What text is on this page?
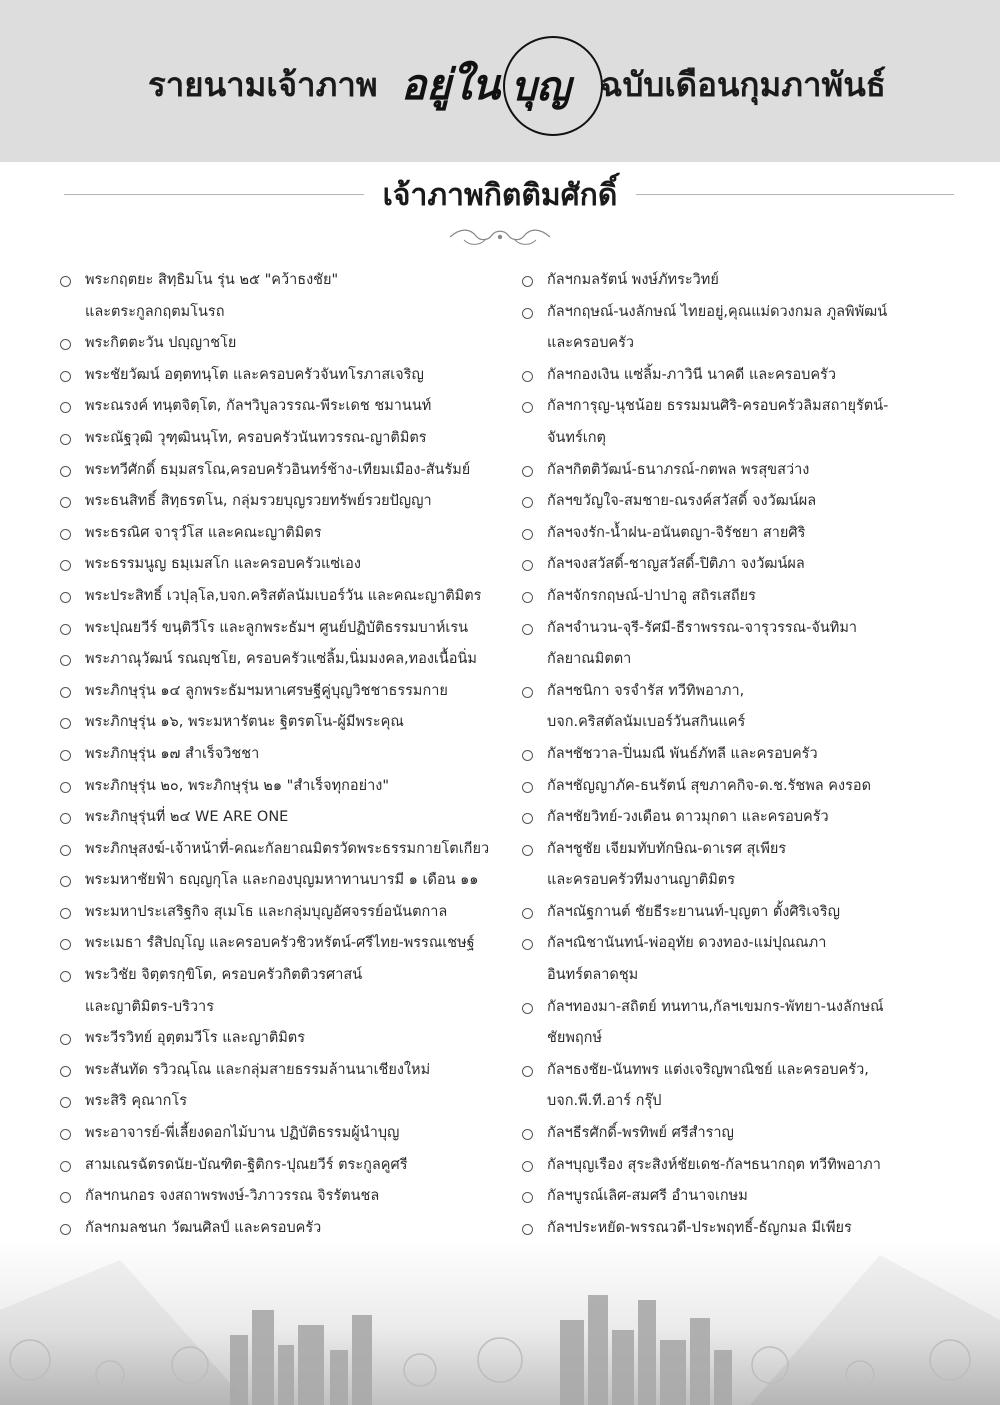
รายนามเจ้าภาพ อยู่ใน บุญ ฉบับเดือนกุมภาพันธ์
เจ้าภาพกิตติมศักดิ์
พระกฤตยะ สิทฺธิมโน รุ่น ๒๕ "คว้าธงชัย"
และตระกูลกฤตมโนรถ
พระกิตตะวัน ปญฺญาชโย
พระชัยวัฒน์ อตฺตทนฺโต และครอบครัวจันทโรภาสเจริญ
พระณรงค์ ทนฺตจิตฺโต, กัลฯวิบูลวรรณ-พีระเดช ชมานนท์
พระณัฐวุฒิ วุฑฺฒินนฺโท, ครอบครัวนันทวรรณ-ญาติมิตร
พระทวีศักดิ์ ธมฺมสรโณ,ครอบครัวอินทร์ช้าง-เทียมเมือง-สันรัมย์
พระธนสิทธิ์ สิทฺธรตโน, กลุ่มรวยบุญรวยทรัพย์รวยปัญญา
พระธรณิศ จารุวํโส และคณะญาติมิตร
พระธรรมนูญ ธมฺเมสโก และครอบครัวแซ่เอง
พระประสิทธิ์ เวปุลฺโล,บจก.คริสตัลนัมเบอร์วัน และคณะญาติมิตร
พระปุณยวีร์ ขนฺติวีโร และลูกพระธัมฯ ศูนย์ปฏิบัติธรรมบาห์เรน
พระภาณุวัฒน์ รณญฺชโย, ครอบครัวแซ่ลิ้ม,นิ่มมงคล,ทองเนื้อนิ่ม
พระภิกษุรุ่น ๑๔ ลูกพระธัมฯมหาเศรษฐีคู่บุญวิชชาธรรมกาย
พระภิกษุรุ่น ๑๖, พระมหารัตนะ ฐิตรตโน-ผู้มีพระคุณ
พระภิกษุรุ่น ๑๗ สำเร็จวิชชา
พระภิกษุรุ่น ๒๐, พระภิกษุรุ่น ๒๑ "สำเร็จทุกอย่าง"
พระภิกษุรุ่นที่ ๒๔ WE ARE ONE
พระภิกษุสงฆ์-เจ้าหน้าที่-คณะกัลยาณมิตรวัดพระธรรมกายโตเกียว
พระมหาชัยฟ้า ธญฺญกุโล และกองบุญมหาทานบารมี ๑ เดือน ๑๑
พระมหาประเสริฐกิจ สุเมโธ และกลุ่มบุญอัศจรรย์อนันตกาล
พระเมธา รํสิปญฺโญ และครอบครัวชิวหรัตน์-ศรีไทย-พรรณเชษฐ์
พระวิชัย จิตฺตรกฺขิโต, ครอบครัวกิตติวรศาสน์
และญาติมิตร-บริวาร
พระวีรวิทย์ อุตฺตมวีโร และญาติมิตร
พระสันทัด รวิวณฺโณ และกลุ่มสายธรรมล้านนาเชียงใหม่
พระสิริ คุณากโร
พระอาจารย์-พี่เลี้ยงดอกไม้บาน ปฏิบัติธรรมผู้นำบุญ
สามเณรฉัตรดนัย-บัณฑิต-ฐิติกร-ปุณยวีร์ ตระกูลคูศรี
กัลฯกนกอร จงสถาพรพงษ์-วิภาวรรณ จิรรัตนชล
กัลฯกมลชนก วัฒนศิลป์ และครอบครัว
กัลฯกมลรัตน์ พงษ์ภัทระวิทย์
กัลฯกฤษณ์-นงลักษณ์ ไทยอยู่,คุณแม่ดวงกมล ภูลพิพัฒน์
และครอบครัว
กัลฯกองเงิน แซ่ลิ้ม-ภาวินี นาคดี และครอบครัว
กัลฯการุญ-นุชน้อย ธรรมมนศิริ-ครอบครัวลิมสถายุรัตน์-
จันทร์เกตุ
กัลฯกิตติวัฒน์-ธนาภรณ์-กตพล พรสุขสว่าง
กัลฯขวัญใจ-สมชาย-ณรงค์สวัสดิ์ จงวัฒน์ผล
กัลฯจงรัก-น้ำฝน-อนันตญา-จิรัชยา สายศิริ
กัลฯจงสวัสดิ์-ชาญสวัสดิ์-ปิติภา จงวัฒน์ผล
กัลฯจักรกฤษณ์-ปาปาอู สถิรเสถียร
กัลฯจำนวน-จุรี-รัศมี-ธีราพรรณ-จารุวรรณ-จันทิมา
กัลยาณมิตตา
กัลฯชนิกา จรจำรัส ทวีทิพอาภา,
บจก.คริสตัลนัมเบอร์วันสกินแคร์
กัลฯชัชวาล-ปิ่นมณี พันธ์ภัทลี และครอบครัว
กัลฯชัญญาภัค-ธนรัตน์ สุขภาคกิจ-ด.ช.รัชพล คงรอด
กัลฯชัยวิทย์-วงเดือน ดาวมุกดา และครอบครัว
กัลฯชูชัย เจียมทับทักษิณ-ดาเรศ สุเพียร
และครอบครัวทีมงานญาติมิตร
กัลฯณัฐกานต์ ชัยธีระยานนท์-บุญตา ตั้งศิริเจริญ
กัลฯณิชานันทน์-พ่ออุทัย ดวงทอง-แม่ปุณณภา
อินทร์ตลาดชุม
กัลฯทองมา-สถิตย์ ทนทาน,กัลฯเขมกร-พัทยา-นงลักษณ์
ชัยพฤกษ์
กัลฯธงชัย-นันทพร แต่งเจริญพาณิชย์ และครอบครัว,
บจก.พี.ที.อาร์ กรุ๊ป
กัลฯธีรศักดิ์-พรทิพย์ ศรีสำราญ
กัลฯบุญเรือง สุระสิงห์ชัยเดช-กัลฯธนากฤต ทวีทิพอาภา
กัลฯบูรณ์เลิศ-สมศรี อำนาจเกษม
กัลฯประหยัด-พรรณวดี-ประพฤทธิ์-ธัญกมล มีเพียร
